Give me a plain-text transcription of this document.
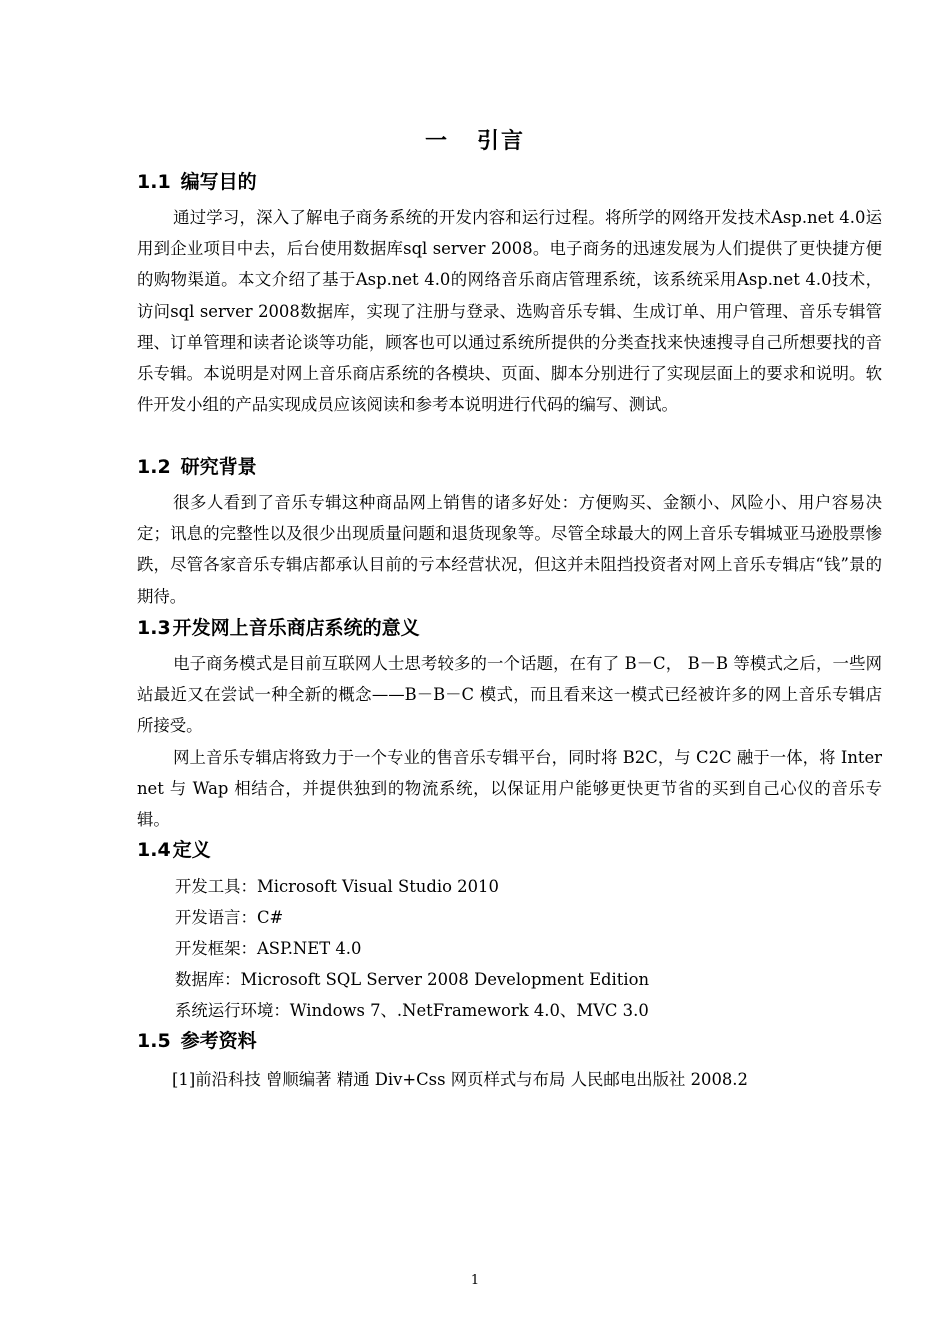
一 引言
1.1 编写目的

通过学习，深入了解电子商务系统的开发内容和运行过程。将所学的网络开发技术Asp.net 4.0运用到企业项目中去，后台使用数据库sql server 2008。电子商务的迅速发展为人们提供了更快捷方便的购物渠道。本文介绍了基于Asp.net 4.0的网络音乐商店管理系统，该系统采用Asp.net 4.0技术，访问sql server 2008数据库，实现了注册与登录、选购音乐专辑、生成订单、用户管理、音乐专辑管理、订单管理和读者论谈等功能，顾客也可以通过系统所提供的分类查找来快速搜寻自己所想要找的音乐专辑。本说明是对网上音乐商店系统的各模块、页面、脚本分别进行了实现层面上的要求和说明。软件开发小组的产品实现成员应该阅读和参考本说明进行代码的编写、测试。

1.2 研究背景

很多人看到了音乐专辑这种商品网上销售的诸多好处：方便购买、金额小、风险小、用户容易决定；讯息的完整性以及很少出现质量问题和退货现象等。尽管全球最大的网上音乐专辑城亚马逊股票惨跌，尽管各家音乐专辑店都承认目前的亏本经营状况，但这并未阻挡投资者对网上音乐专辑店“钱”景的期待。

1.3 开发网上音乐商店系统的意义

电子商务模式是目前互联网人士思考较多的一个话题，在有了 B－C， B－B 等模式之后，一些网站最近又在尝试一种全新的概念——B－B－C 模式，而且看来这一模式已经被许多的网上音乐专辑店所接受。

网上音乐专辑店将致力于一个专业的售音乐专辑平台，同时将 B2C，与 C2C 融于一体，将 Internet 与 Wap 相结合，并提供独到的物流系统，以保证用户能够更快更节省的买到自己心仪的音乐专辑。

1.4 定义

开发工具：Microsoft Visual Studio 2010

开发语言：C#

开发框架：ASP.NET 4.0

数据库：Microsoft SQL Server 2008 Development Edition

系统运行环境：Windows 7、.NetFramework 4.0、MVC 3.0

1.5 参考资料

[1]前沿科技 曾顺编著 精通 Div+Css 网页样式与布局 人民邮电出版社 2008.2

1
